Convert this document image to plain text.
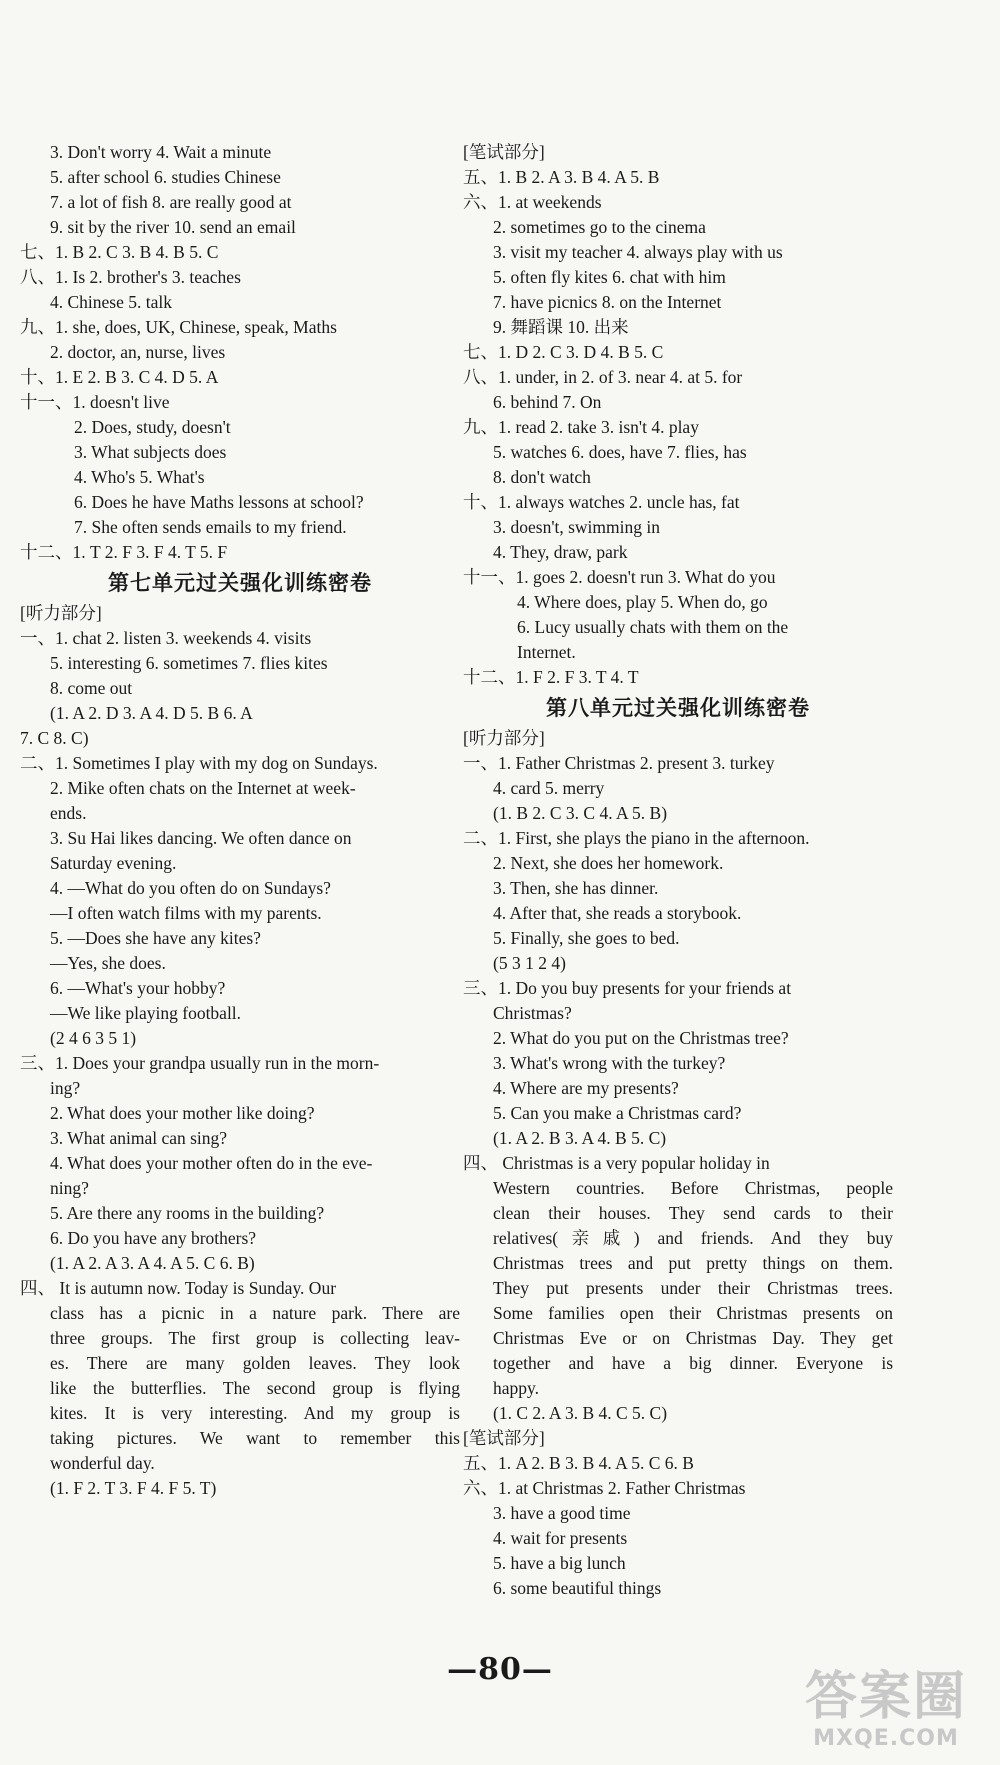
3. Don't worry 4. Wait a minute
5. after school 6. studies Chinese
7. a lot of fish 8. are really good at
9. sit by the river 10. send an email
七、1. B 2. C 3. B 4. B 5. C
八、1. Is 2. brother's 3. teaches
4. Chinese 5. talk
九、1. she, does, UK, Chinese, speak, Maths
2. doctor, an, nurse, lives
十、1. E 2. B 3. C 4. D 5. A
十一、1. doesn't live
2. Does, study, doesn't
3. What subjects does
4. Who's 5. What's
6. Does he have Maths lessons at school?
7. She often sends emails to my friend.
十二、1. T 2. F 3. F 4. T 5. F
第七单元过关强化训练密卷
[听力部分]
一、1. chat 2. listen 3. weekends 4. visits
5. interesting 6. sometimes 7. flies kites
8. come out
(1. A 2. D 3. A 4. D 5. B 6. A
7. C 8. C)
二、1. Sometimes I play with my dog on Sundays.
2. Mike often chats on the Internet at week-
ends.
3. Su Hai likes dancing. We often dance on
Saturday evening.
4. —What do you often do on Sundays?
—I often watch films with my parents.
5. —Does she have any kites?
—Yes, she does.
6. —What's your hobby?
—We like playing football.
(2 4 6 3 5 1)
三、1. Does your grandpa usually run in the morn-
ing?
2. What does your mother like doing?
3. What animal can sing?
4. What does your mother often do in the eve-
ning?
5. Are there any rooms in the building?
6. Do you have any brothers?
(1. A 2. A 3. A 4. A 5. C 6. B)
四、 It is autumn now. Today is Sunday. Our
class has a picnic in a nature park. There are
three groups. The first group is collecting leav-
es. There are many golden leaves. They look
like the butterflies. The second group is flying
kites. It is very interesting. And my group is
taking pictures. We want to remember this
wonderful day.
(1. F 2. T 3. F 4. F 5. T)
[笔试部分]
五、1. B 2. A 3. B 4. A 5. B
六、1. at weekends
2. sometimes go to the cinema
3. visit my teacher 4. always play with us
5. often fly kites 6. chat with him
7. have picnics 8. on the Internet
9. 舞蹈课 10. 出来
七、1. D 2. C 3. D 4. B 5. C
八、1. under, in 2. of 3. near 4. at 5. for
6. behind 7. On
九、1. read 2. take 3. isn't 4. play
5. watches 6. does, have 7. flies, has
8. don't watch
十、1. always watches 2. uncle has, fat
3. doesn't, swimming in
4. They, draw, park
十一、1. goes 2. doesn't run 3. What do you
4. Where does, play 5. When do, go
6. Lucy usually chats with them on the
Internet.
十二、1. F 2. F 3. T 4. T
第八单元过关强化训练密卷
[听力部分]
一、1. Father Christmas 2. present 3. turkey
4. card 5. merry
(1. B 2. C 3. C 4. A 5. B)
二、1. First, she plays the piano in the afternoon.
2. Next, she does her homework.
3. Then, she has dinner.
4. After that, she reads a storybook.
5. Finally, she goes to bed.
(5 3 1 2 4)
三、1. Do you buy presents for your friends at
Christmas?
2. What do you put on the Christmas tree?
3. What's wrong with the turkey?
4. Where are my presents?
5. Can you make a Christmas card?
(1. A 2. B 3. A 4. B 5. C)
四、 Christmas is a very popular holiday in
Western countries. Before Christmas, people
clean their houses. They send cards to their
relatives(亲戚) and friends. And they buy
Christmas trees and put pretty things on them.
They put presents under their Christmas trees.
Some families open their Christmas presents on
Christmas Eve or on Christmas Day. They get
together and have a big dinner. Everyone is
happy.
(1. C 2. A 3. B 4. C 5. C)
[笔试部分]
五、1. A 2. B 3. B 4. A 5. C 6. B
六、1. at Christmas 2. Father Christmas
3. have a good time
4. wait for presents
5. have a big lunch
6. some beautiful things
—80—	答案圈
MXQE.COM
